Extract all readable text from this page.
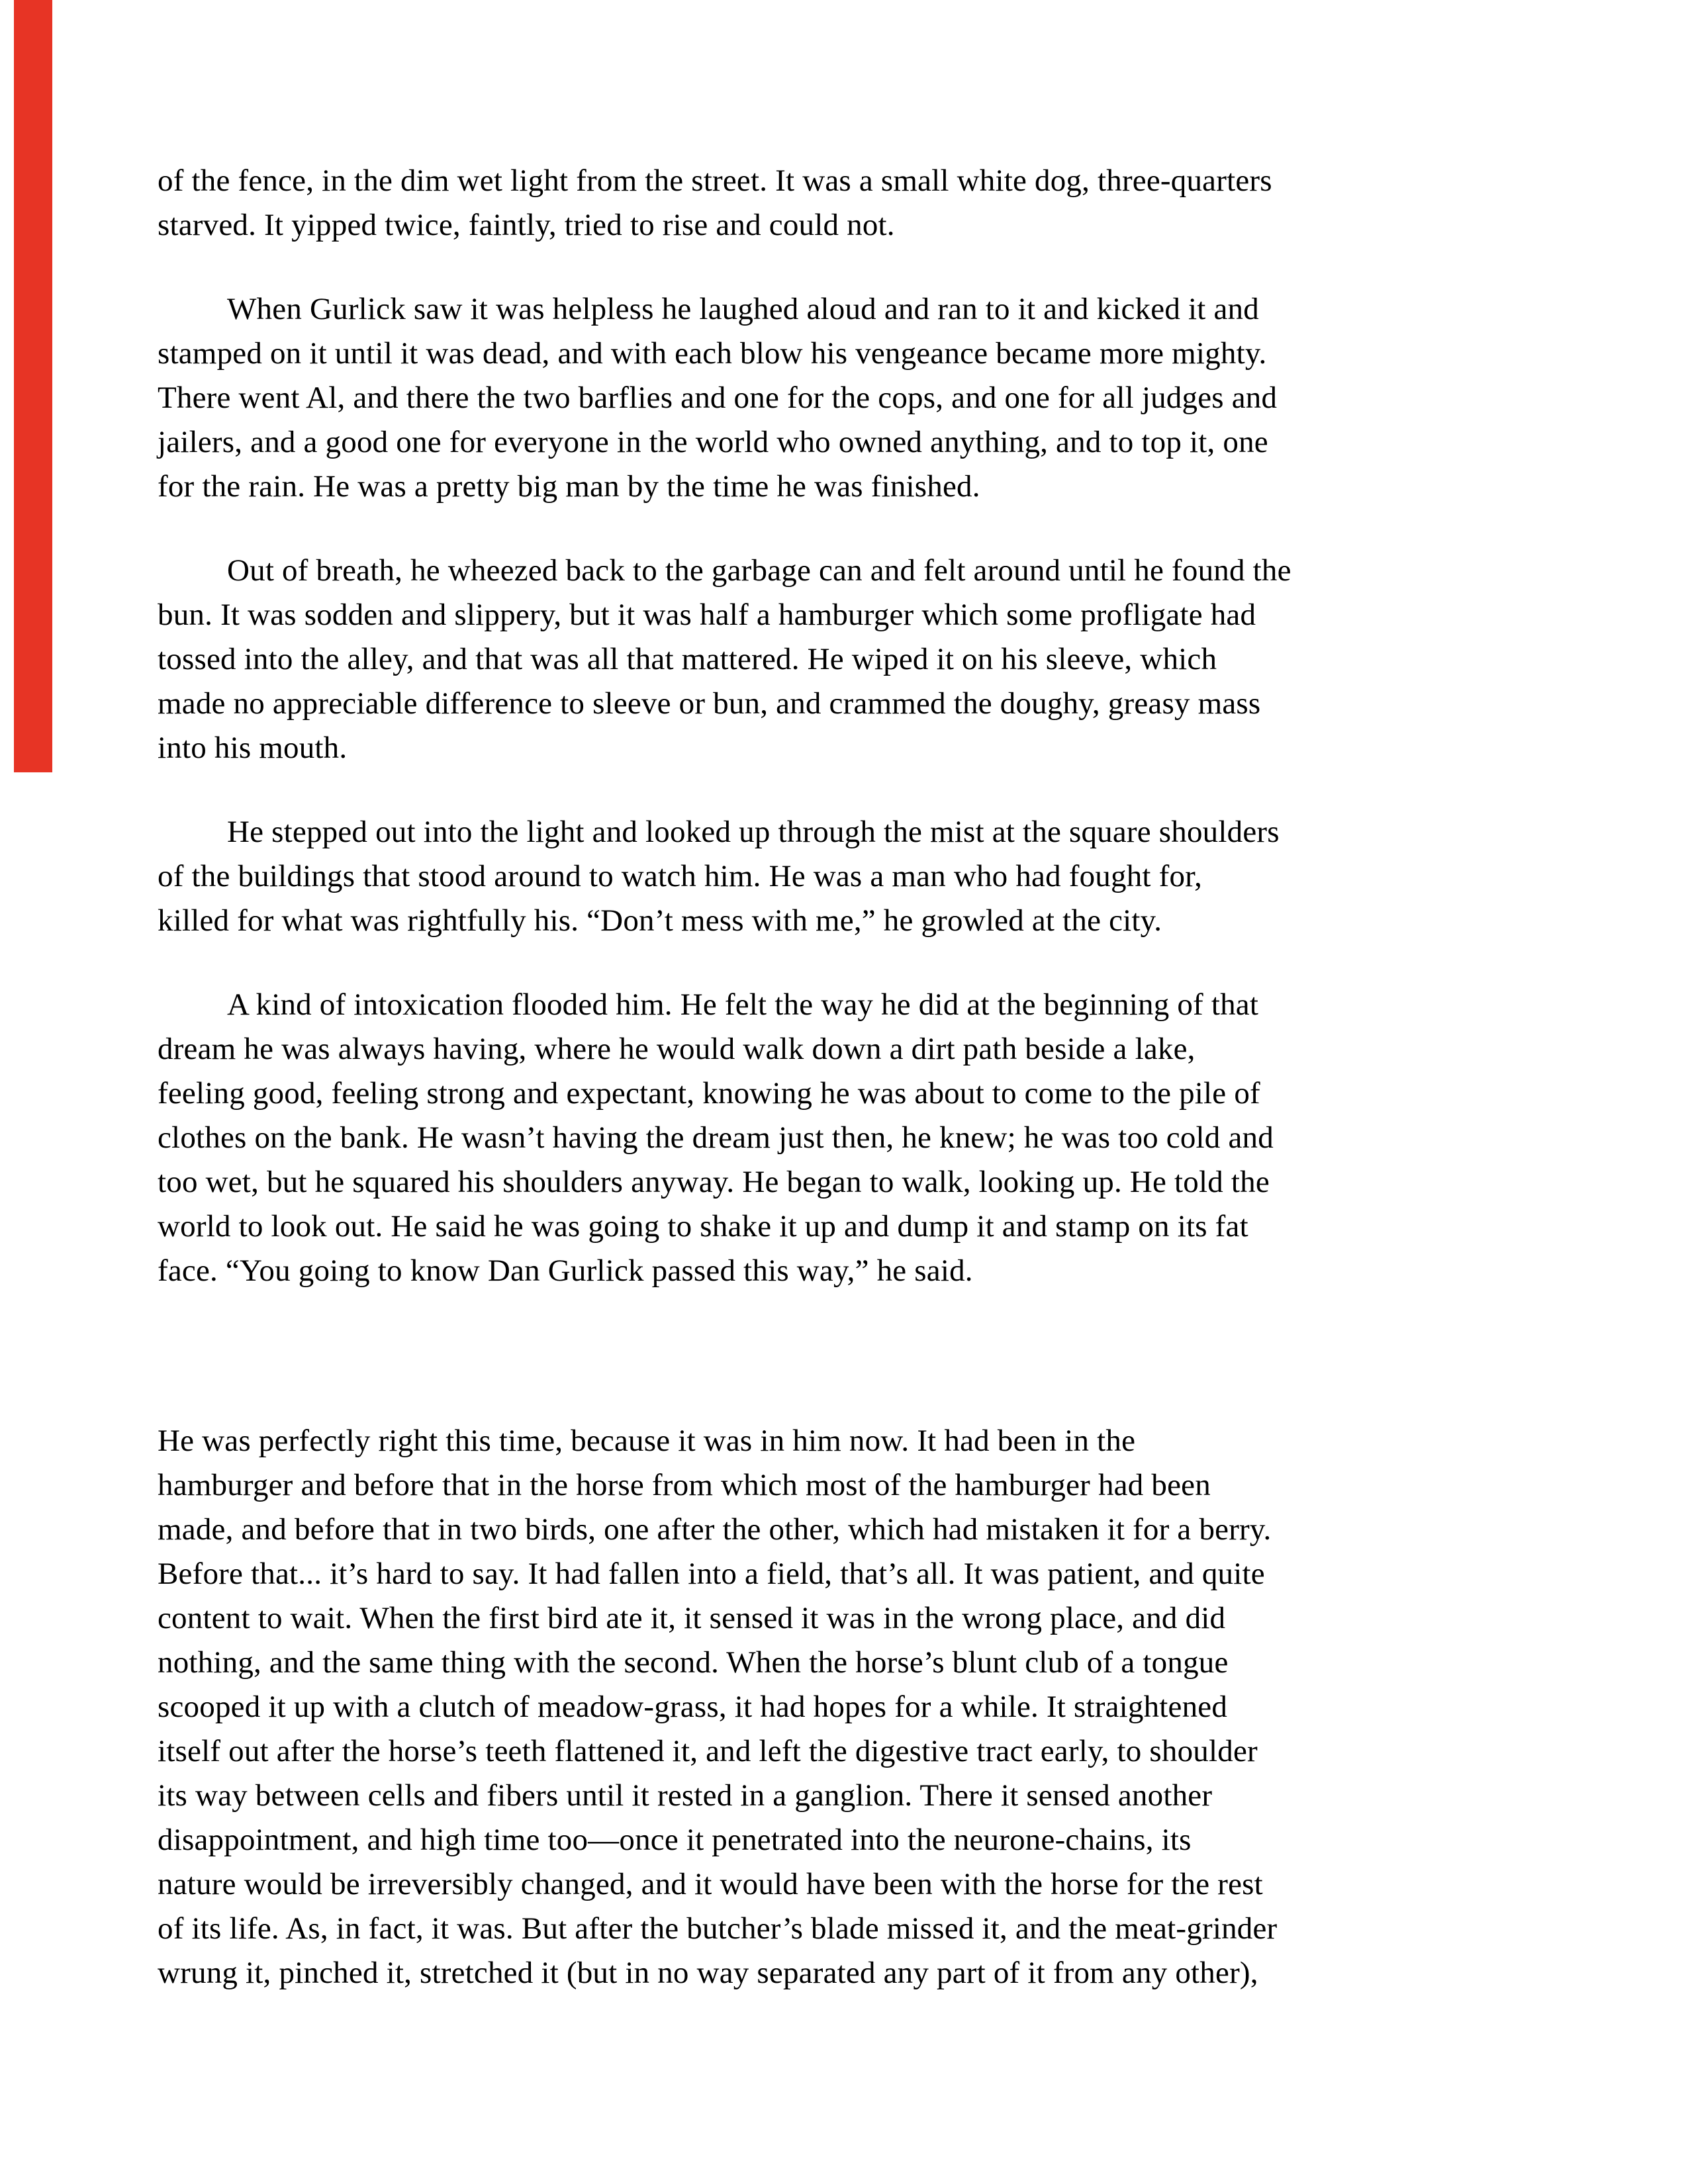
of the fence, in the dim wet light from the street. It was a small white dog, three-quarters
starved. It yipped twice, faintly, tried to rise and could not.
When Gurlick saw it was helpless he laughed aloud and ran to it and kicked it and
stamped on it until it was dead, and with each blow his vengeance became more mighty.
There went Al, and there the two barflies and one for the cops, and one for all judges and
jailers, and a good one for everyone in the world who owned anything, and to top it, one
for the rain. He was a pretty big man by the time he was finished.
Out of breath, he wheezed back to the garbage can and felt around until he found the
bun. It was sodden and slippery, but it was half a hamburger which some profligate had
tossed into the alley, and that was all that mattered. He wiped it on his sleeve, which
made no appreciable difference to sleeve or bun, and crammed the doughy, greasy mass
into his mouth.
He stepped out into the light and looked up through the mist at the square shoulders
of the buildings that stood around to watch him. He was a man who had fought for,
killed for what was rightfully his. “Don’t mess with me,” he growled at the city.
A kind of intoxication flooded him. He felt the way he did at the beginning of that
dream he was always having, where he would walk down a dirt path beside a lake,
feeling good, feeling strong and expectant, knowing he was about to come to the pile of
clothes on the bank. He wasn’t having the dream just then, he knew; he was too cold and
too wet, but he squared his shoulders anyway. He began to walk, looking up. He told the
world to look out. He said he was going to shake it up and dump it and stamp on its fat
face. “You going to know Dan Gurlick passed this way,” he said.
He was perfectly right this time, because it was in him now. It had been in the
hamburger and before that in the horse from which most of the hamburger had been
made, and before that in two birds, one after the other, which had mistaken it for a berry.
Before that... it’s hard to say. It had fallen into a field, that’s all. It was patient, and quite
content to wait. When the first bird ate it, it sensed it was in the wrong place, and did
nothing, and the same thing with the second. When the horse’s blunt club of a tongue
scooped it up with a clutch of meadow-grass, it had hopes for a while. It straightened
itself out after the horse’s teeth flattened it, and left the digestive tract early, to shoulder
its way between cells and fibers until it rested in a ganglion. There it sensed another
disappointment, and high time too—once it penetrated into the neurone-chains, its
nature would be irreversibly changed, and it would have been with the horse for the rest
of its life. As, in fact, it was. But after the butcher’s blade missed it, and the meat-grinder
wrung it, pinched it, stretched it (but in no way separated any part of it from any other),
